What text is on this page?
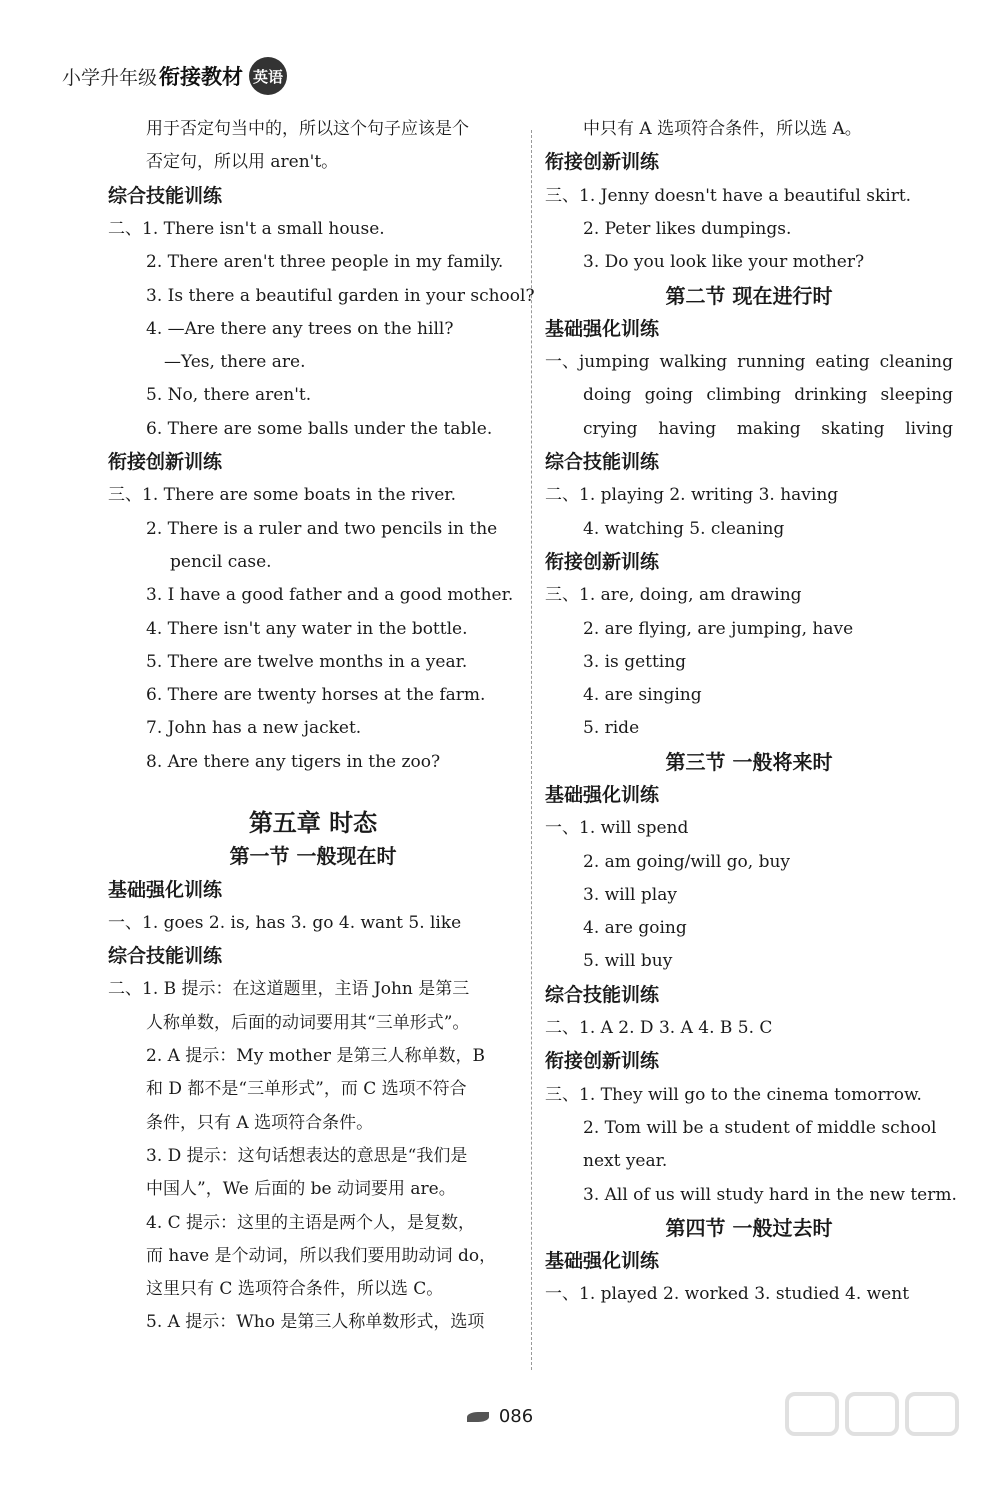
小学升年级 衔接教材 英语
用于否定句当中的，所以这个句子应该是个
否定句，所以用 aren't。
综合技能训练
二、1. There isn't a small house.
2. There aren't three people in my family.
3. Is there a beautiful garden in your school?
4. —Are there any trees on the hill?
—Yes, there are.
5. No, there aren't.
6. There are some balls under the table.
衔接创新训练
三、1. There are some boats in the river.
2. There is a ruler and two pencils in the
pencil case.
3. I have a good father and a good mother.
4. There isn't any water in the bottle.
5. There are twelve months in a year.
6. There are twenty horses at the farm.
7. John has a new jacket.
8. Are there any tigers in the zoo?
第五章 时态
第一节 一般现在时
基础强化训练
一、1. goes 2. is, has 3. go 4. want 5. like
综合技能训练
二、1. B 提示：在这道题里，主语 John 是第三
人称单数，后面的动词要用其“三单形式”。
2. A 提示：My mother 是第三人称单数，B
和 D 都不是“三单形式”，而 C 选项不符合
条件，只有 A 选项符合条件。
3. D 提示：这句话想表达的意思是“我们是
中国人”，We 后面的 be 动词要用 are。
4. C 提示：这里的主语是两个人，是复数，
而 have 是个动词，所以我们要用助动词 do，
这里只有 C 选项符合条件，所以选 C。
5. A 提示：Who 是第三人称单数形式，选项
中只有 A 选项符合条件，所以选 A。
衔接创新训练
三、1. Jenny doesn't have a beautiful skirt.
2. Peter likes dumpings.
3. Do you look like your mother?
第二节 现在进行时
基础强化训练
一、jumping walking running eating cleaning
doing going climbing drinking sleeping
crying having making skating living
综合技能训练
二、1. playing 2. writing 3. having
4. watching 5. cleaning
衔接创新训练
三、1. are, doing, am drawing
2. are flying, are jumping, have
3. is getting
4. are singing
5. ride
第三节 一般将来时
基础强化训练
一、1. will spend
2. am going/will go, buy
3. will play
4. are going
5. will buy
综合技能训练
二、1. A 2. D 3. A 4. B 5. C
衔接创新训练
三、1. They will go to the cinema tomorrow.
2. Tom will be a student of middle school
next year.
3. All of us will study hard in the new term.
第四节 一般过去时
基础强化训练
一、1. played 2. worked 3. studied 4. went
086
